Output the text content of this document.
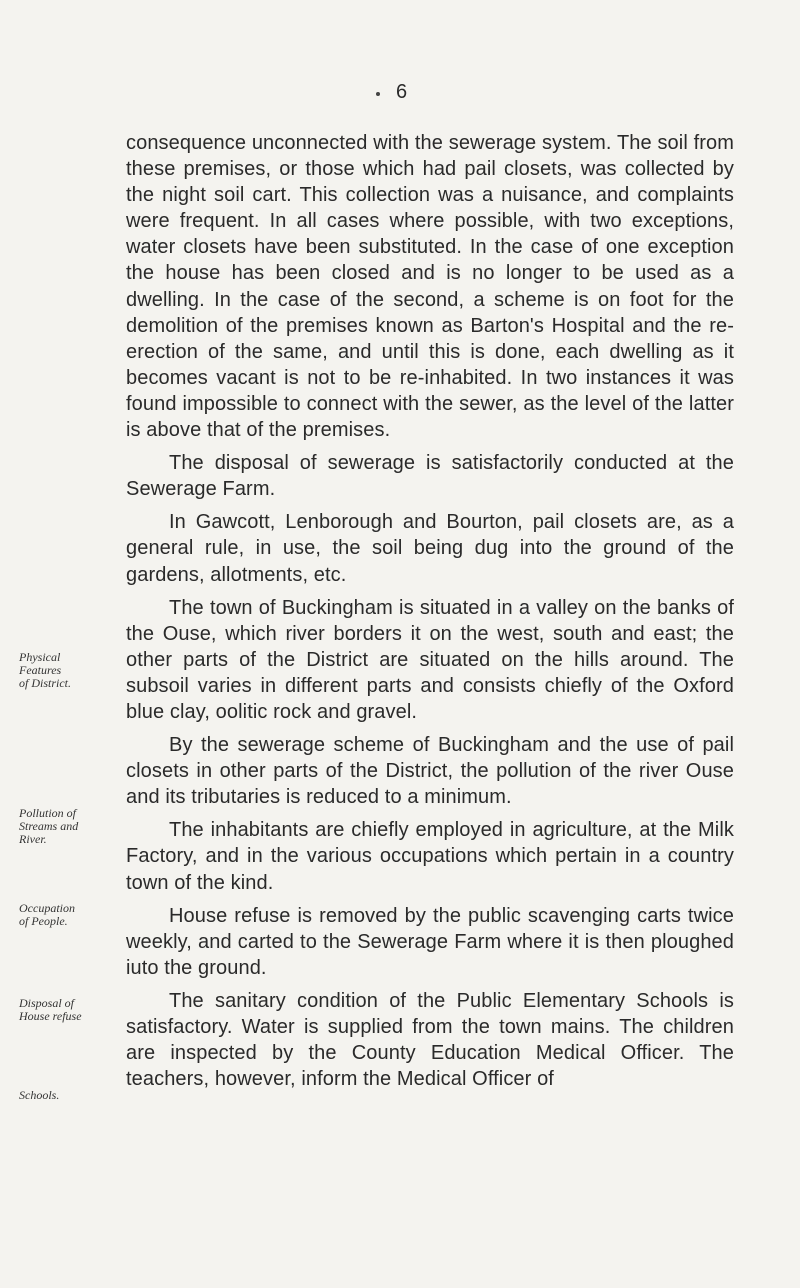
6

consequence unconnected with the sewerage system. The soil from these premises, or those which had pail closets, was collected by the night soil cart. This collection was a nuisance, and complaints were frequent. In all cases where possible, with two exceptions, water closets have been substituted. In the case of one exception the house has been closed and is no longer to be used as a dwelling. In the case of the second, a scheme is on foot for the demolition of the premises known as Barton's Hospital and the re-erection of the same, and until this is done, each dwelling as it becomes vacant is not to be re-inhabited. In two instances it was found impossible to connect with the sewer, as the level of the latter is above that of the premises.

The disposal of sewerage is satisfactorily conducted at the Sewerage Farm.

In Gawcott, Lenborough and Bourton, pail closets are, as a general rule, in use, the soil being dug into the ground of the gardens, allotments, etc.

The town of Buckingham is situated in a valley on the banks of the Ouse, which river borders it on the west, south and east; the other parts of the District are situated on the hills around. The subsoil varies in different parts and consists chiefly of the Oxford blue clay, oolitic rock and gravel.

By the sewerage scheme of Buckingham and the use of pail closets in other parts of the District, the pollution of the river Ouse and its tributaries is reduced to a minimum.

The inhabitants are chiefly employed in agriculture, at the Milk Factory, and in the various occupations which pertain in a country town of the kind.

House refuse is removed by the public scavenging carts twice weekly, and carted to the Sewerage Farm where it is then ploughed iuto the ground.

The sanitary condition of the Public Elementary Schools is satisfactory. Water is supplied from the town mains. The children are inspected by the County Education Medical Officer. The teachers, however, inform the Medical Officer of

Physical
Features
of District.
Pollution of
Streams and
River.
Occupation
of People.
Disposal of
House refuse
Schools.
